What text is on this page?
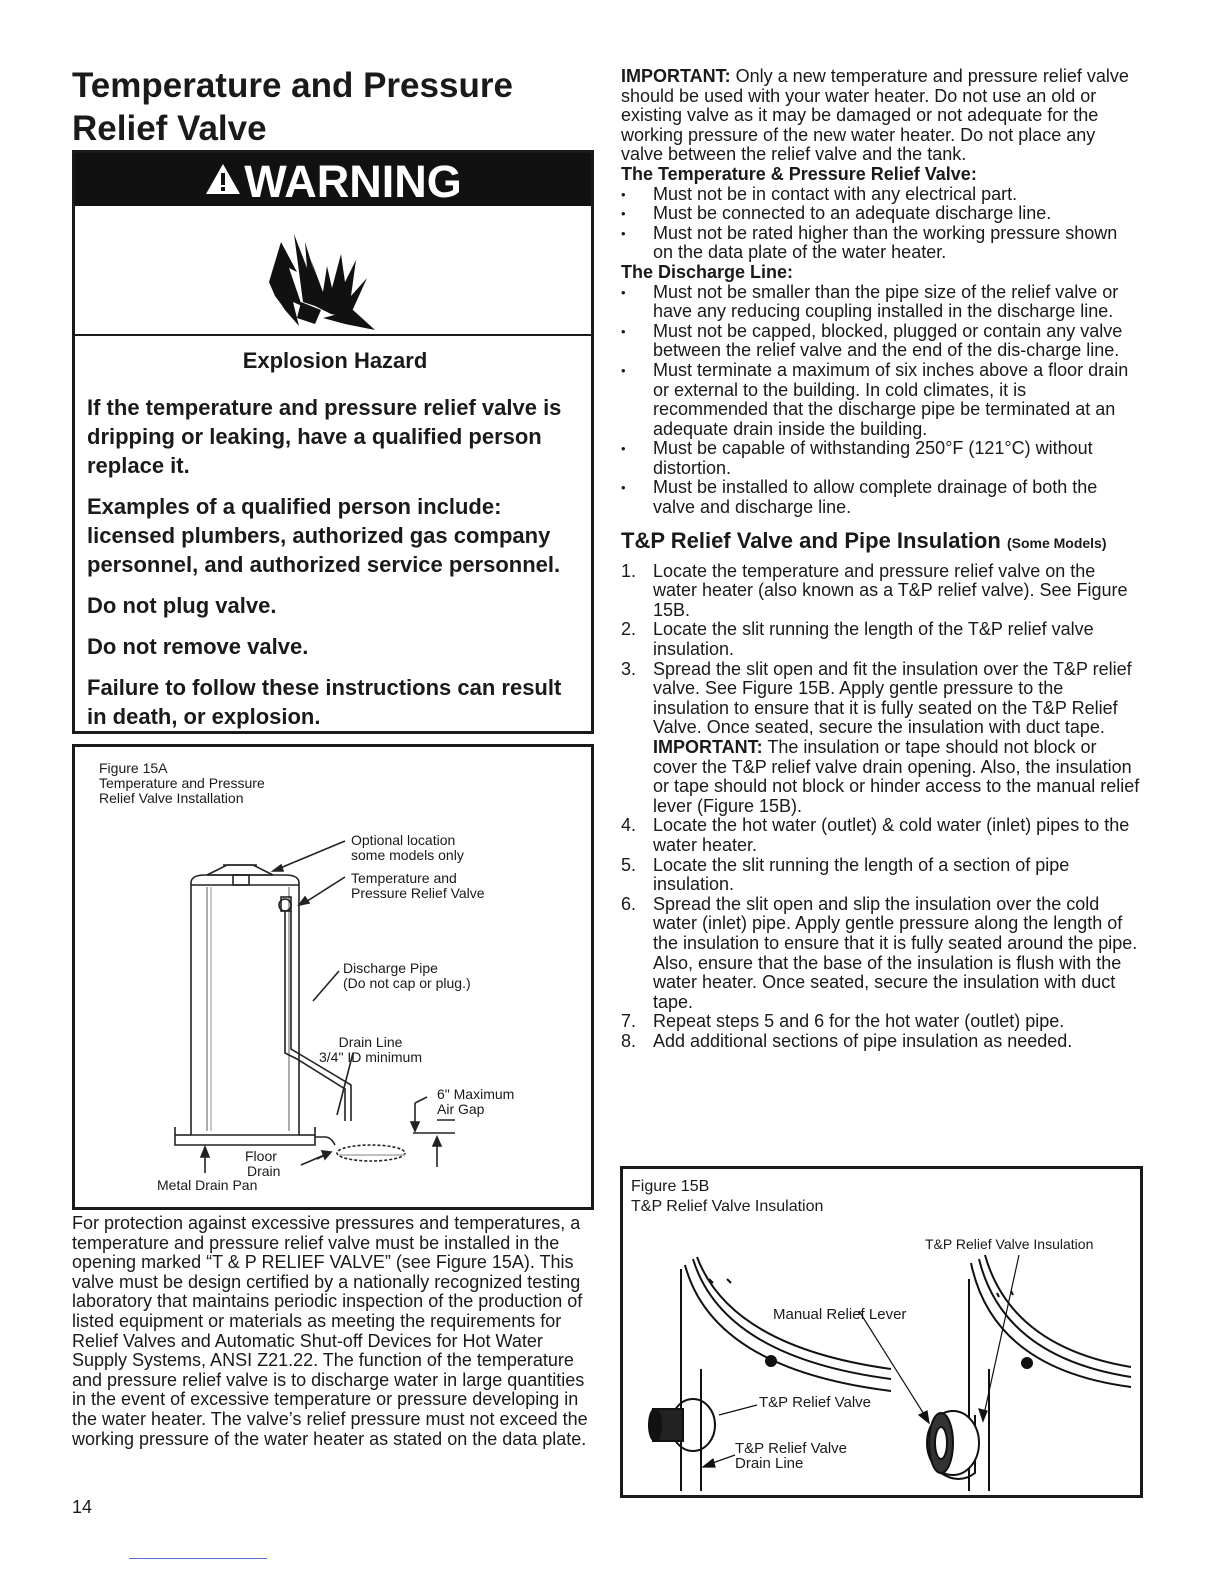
Temperature and Pressure Relief Valve
WARNING

Explosion Hazard

If the temperature and pressure relief valve is dripping or leaking, have a qualified person replace it.

Examples of a qualified person include: licensed plumbers, authorized gas company personnel, and authorized service personnel.

Do not plug valve.

Do not remove valve.

Failure to follow these instructions can result in death, or explosion.

Figure 15A
Temperature and Pressure
Relief Valve Installation
Optional location
some models only
Temperature and
Pressure Relief Valve
Discharge Pipe
(Do not cap or plug.)
Drain Line
3/4" ID minimum
6" Maximum
Air Gap
Floor
Drain
Metal Drain Pan

For protection against excessive pressures and temperatures, a temperature and pressure relief valve must be installed in the opening marked “T & P RELIEF VALVE” (see Figure 15A). This valve must be design certified by a nationally recognized testing laboratory that maintains periodic inspection of the production of listed equipment or materials as meeting the requirements for Relief Valves and Automatic Shut-off Devices for Hot Water Supply Systems, ANSI Z21.22. The function of the temperature and pressure relief valve is to discharge water in large quantities in the event of excessive temperature or pressure developing in the water heater. The valve’s relief pressure must not exceed the working pressure of the water heater as stated on the data plate.

14

IMPORTANT: Only a new temperature and pressure relief valve should be used with your water heater. Do not use an old or existing valve as it may be damaged or not adequate for the working pressure of the new water heater. Do not place any valve between the relief valve and the tank.

The Temperature & Pressure Relief Valve:

• Must not be in contact with any electrical part.
• Must be connected to an adequate discharge line.
• Must not be rated higher than the working pressure shown on the data plate of the water heater.

The Discharge Line:

• Must not be smaller than the pipe size of the relief valve or have any reducing coupling installed in the discharge line.
• Must not be capped, blocked, plugged or contain any valve between the relief valve and the end of the dis-charge line.
• Must terminate a maximum of six inches above a floor drain or external to the building. In cold climates, it is recommended that the discharge pipe be terminated at an adequate drain inside the building.
• Must be capable of withstanding 250°F (121°C) without distortion.
• Must be installed to allow complete drainage of both the valve and discharge line.

T&P Relief Valve and Pipe Insulation (Some Models)

1. Locate the temperature and pressure relief valve on the water heater (also known as a T&P relief valve). See Figure 15B.
2. Locate the slit running the length of the T&P relief valve insulation.
3. Spread the slit open and fit the insulation over the T&P relief valve. See Figure 15B. Apply gentle pressure to the insulation to ensure that it is fully seated on the T&P Relief Valve. Once seated, secure the insulation with duct tape.
IMPORTANT: The insulation or tape should not block or cover the T&P relief valve drain opening. Also, the insulation or tape should not block or hinder access to the manual relief lever (Figure 15B).
4. Locate the hot water (outlet) & cold water (inlet) pipes to the water heater.
5. Locate the slit running the length of a section of pipe insulation.
6. Spread the slit open and slip the insulation over the cold water (inlet) pipe. Apply gentle pressure along the length of the insulation to ensure that it is fully seated around the pipe. Also, ensure that the base of the insulation is flush with the water heater. Once seated, secure the insulation with duct tape.
7. Repeat steps 5 and 6 for the hot water (outlet) pipe.
8. Add additional sections of pipe insulation as needed.
Figure 15B
T&P Relief Valve Insulation
T&P Relief Valve Insulation
Manual Relief Lever
T&P Relief Valve
T&P Relief Valve
Drain Line
